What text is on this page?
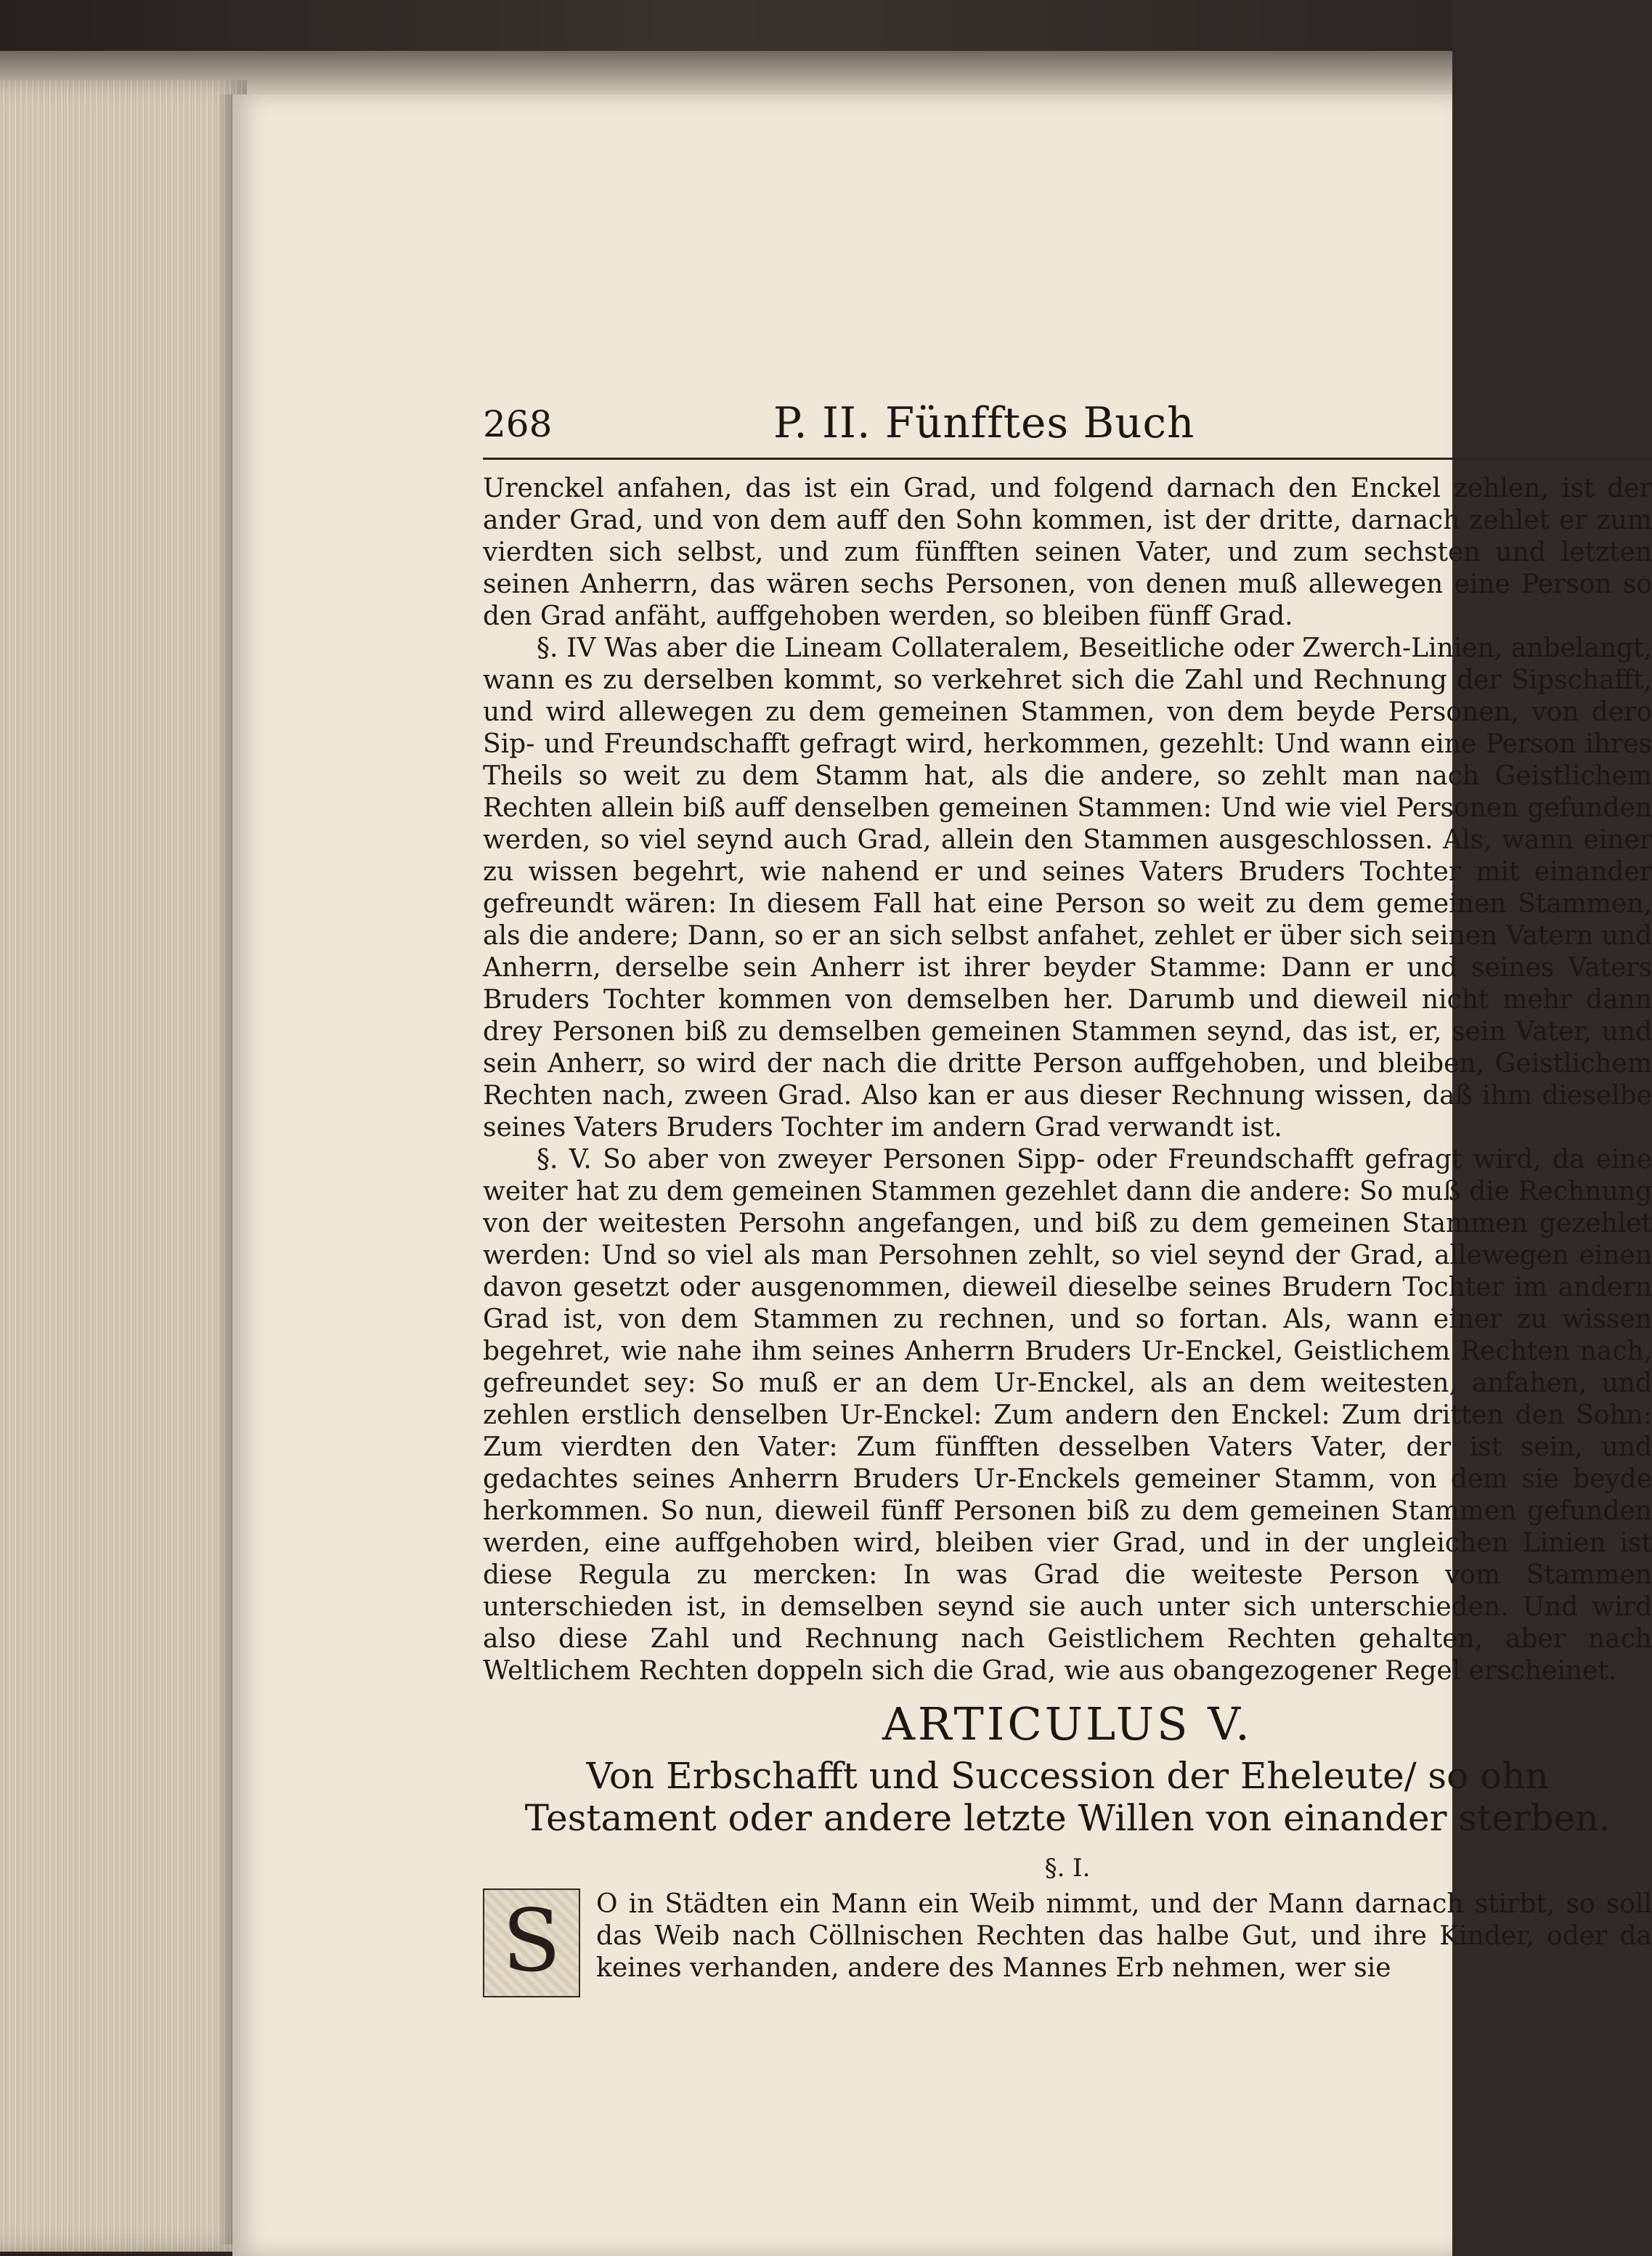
268	P. II. Fünfftes Buch

Urenckel anfahen, das ist ein Grad, und folgend darnach den Enckel zehlen, ist der ander Grad, und von dem auff den Sohn kommen, ist der dritte, darnach zehlet er zum vierdten sich selbst, und zum fünfften seinen Vater, und zum sechsten und letzten seinen Anherrn, das wären sechs Personen, von denen muß allewegen eine Person so den Grad anfäht, auffgehoben werden, so bleiben fünff Grad.

§. IV Was aber die Lineam Collateralem, Beseitliche oder Zwerch-Linien, anbelangt, wann es zu derselben kommt, so verkehret sich die Zahl und Rechnung der Sipschafft, und wird allewegen zu dem gemeinen Stammen, von dem beyde Personen, von dero Sip- und Freundschafft gefragt wird, herkommen, gezehlt: Und wann eine Person ihres Theils so weit zu dem Stamm hat, als die andere, so zehlt man nach Geistlichem Rechten allein biß auff denselben gemeinen Stammen: Und wie viel Personen gefunden werden, so viel seynd auch Grad, allein den Stammen ausgeschlossen. Als, wann einer zu wissen begehrt, wie nahend er und seines Vaters Bruders Tochter mit einander gefreundt wären: In diesem Fall hat eine Person so weit zu dem gemeinen Stammen, als die andere; Dann, so er an sich selbst anfahet, zehlet er über sich seinen Vatern und Anherrn, derselbe sein Anherr ist ihrer beyder Stamme: Dann er und seines Vaters Bruders Tochter kommen von demselben her. Darumb und dieweil nicht mehr dann drey Personen biß zu demselben gemeinen Stammen seynd, das ist, er, sein Vater, und sein Anherr, so wird der nach die dritte Person auffgehoben, und bleiben, Geistlichem Rechten nach, zween Grad. Also kan er aus dieser Rechnung wissen, daß ihm dieselbe seines Vaters Bruders Tochter im andern Grad verwandt ist.

§. V. So aber von zweyer Personen Sipp- oder Freundschafft gefragt wird, da eine weiter hat zu dem gemeinen Stammen gezehlet dann die andere: So muß die Rechnung von der weitesten Persohn angefangen, und biß zu dem gemeinen Stammen gezehlet werden: Und so viel als man Persohnen zehlt, so viel seynd der Grad, allewegen einen davon gesetzt oder ausgenommen, dieweil dieselbe seines Brudern Tochter im andern Grad ist, von dem Stammen zu rechnen, und so fortan. Als, wann einer zu wissen begehret, wie nahe ihm seines Anherrn Bruders Ur-Enckel, Geistlichem Rechten nach, gefreundet sey: So muß er an dem Ur-Enckel, als an dem weitesten, anfahen, und zehlen erstlich denselben Ur-Enckel: Zum andern den Enckel: Zum dritten den Sohn: Zum vierdten den Vater: Zum fünfften desselben Vaters Vater, der ist sein, und gedachtes seines Anherrn Bruders Ur-Enckels gemeiner Stamm, von dem sie beyde herkommen. So nun, dieweil fünff Personen biß zu dem gemeinen Stammen gefunden werden, eine auffgehoben wird, bleiben vier Grad, und in der ungleichen Linien ist diese Regula zu mercken: In was Grad die weiteste Person vom Stammen unterschieden ist, in demselben seynd sie auch unter sich unterschieden. Und wird also diese Zahl und Rechnung nach Geistlichem Rechten gehalten, aber nach Weltlichem Rechten doppeln sich die Grad, wie aus obangezogener Regel erscheinet.

ARTICULUS V.
Von Erbschafft und Succession der Eheleute/ so ohn
Testament oder andere letzte Willen von einander sterben.
§. I.
S	O in Städten ein Mann ein Weib nimmt, und der Mann darnach stirbt, so soll das Weib nach Cöllnischen Rechten das halbe Gut, und ihre Kinder, oder da keines verhanden, andere des Mannes Erb nehmen, wer sie
